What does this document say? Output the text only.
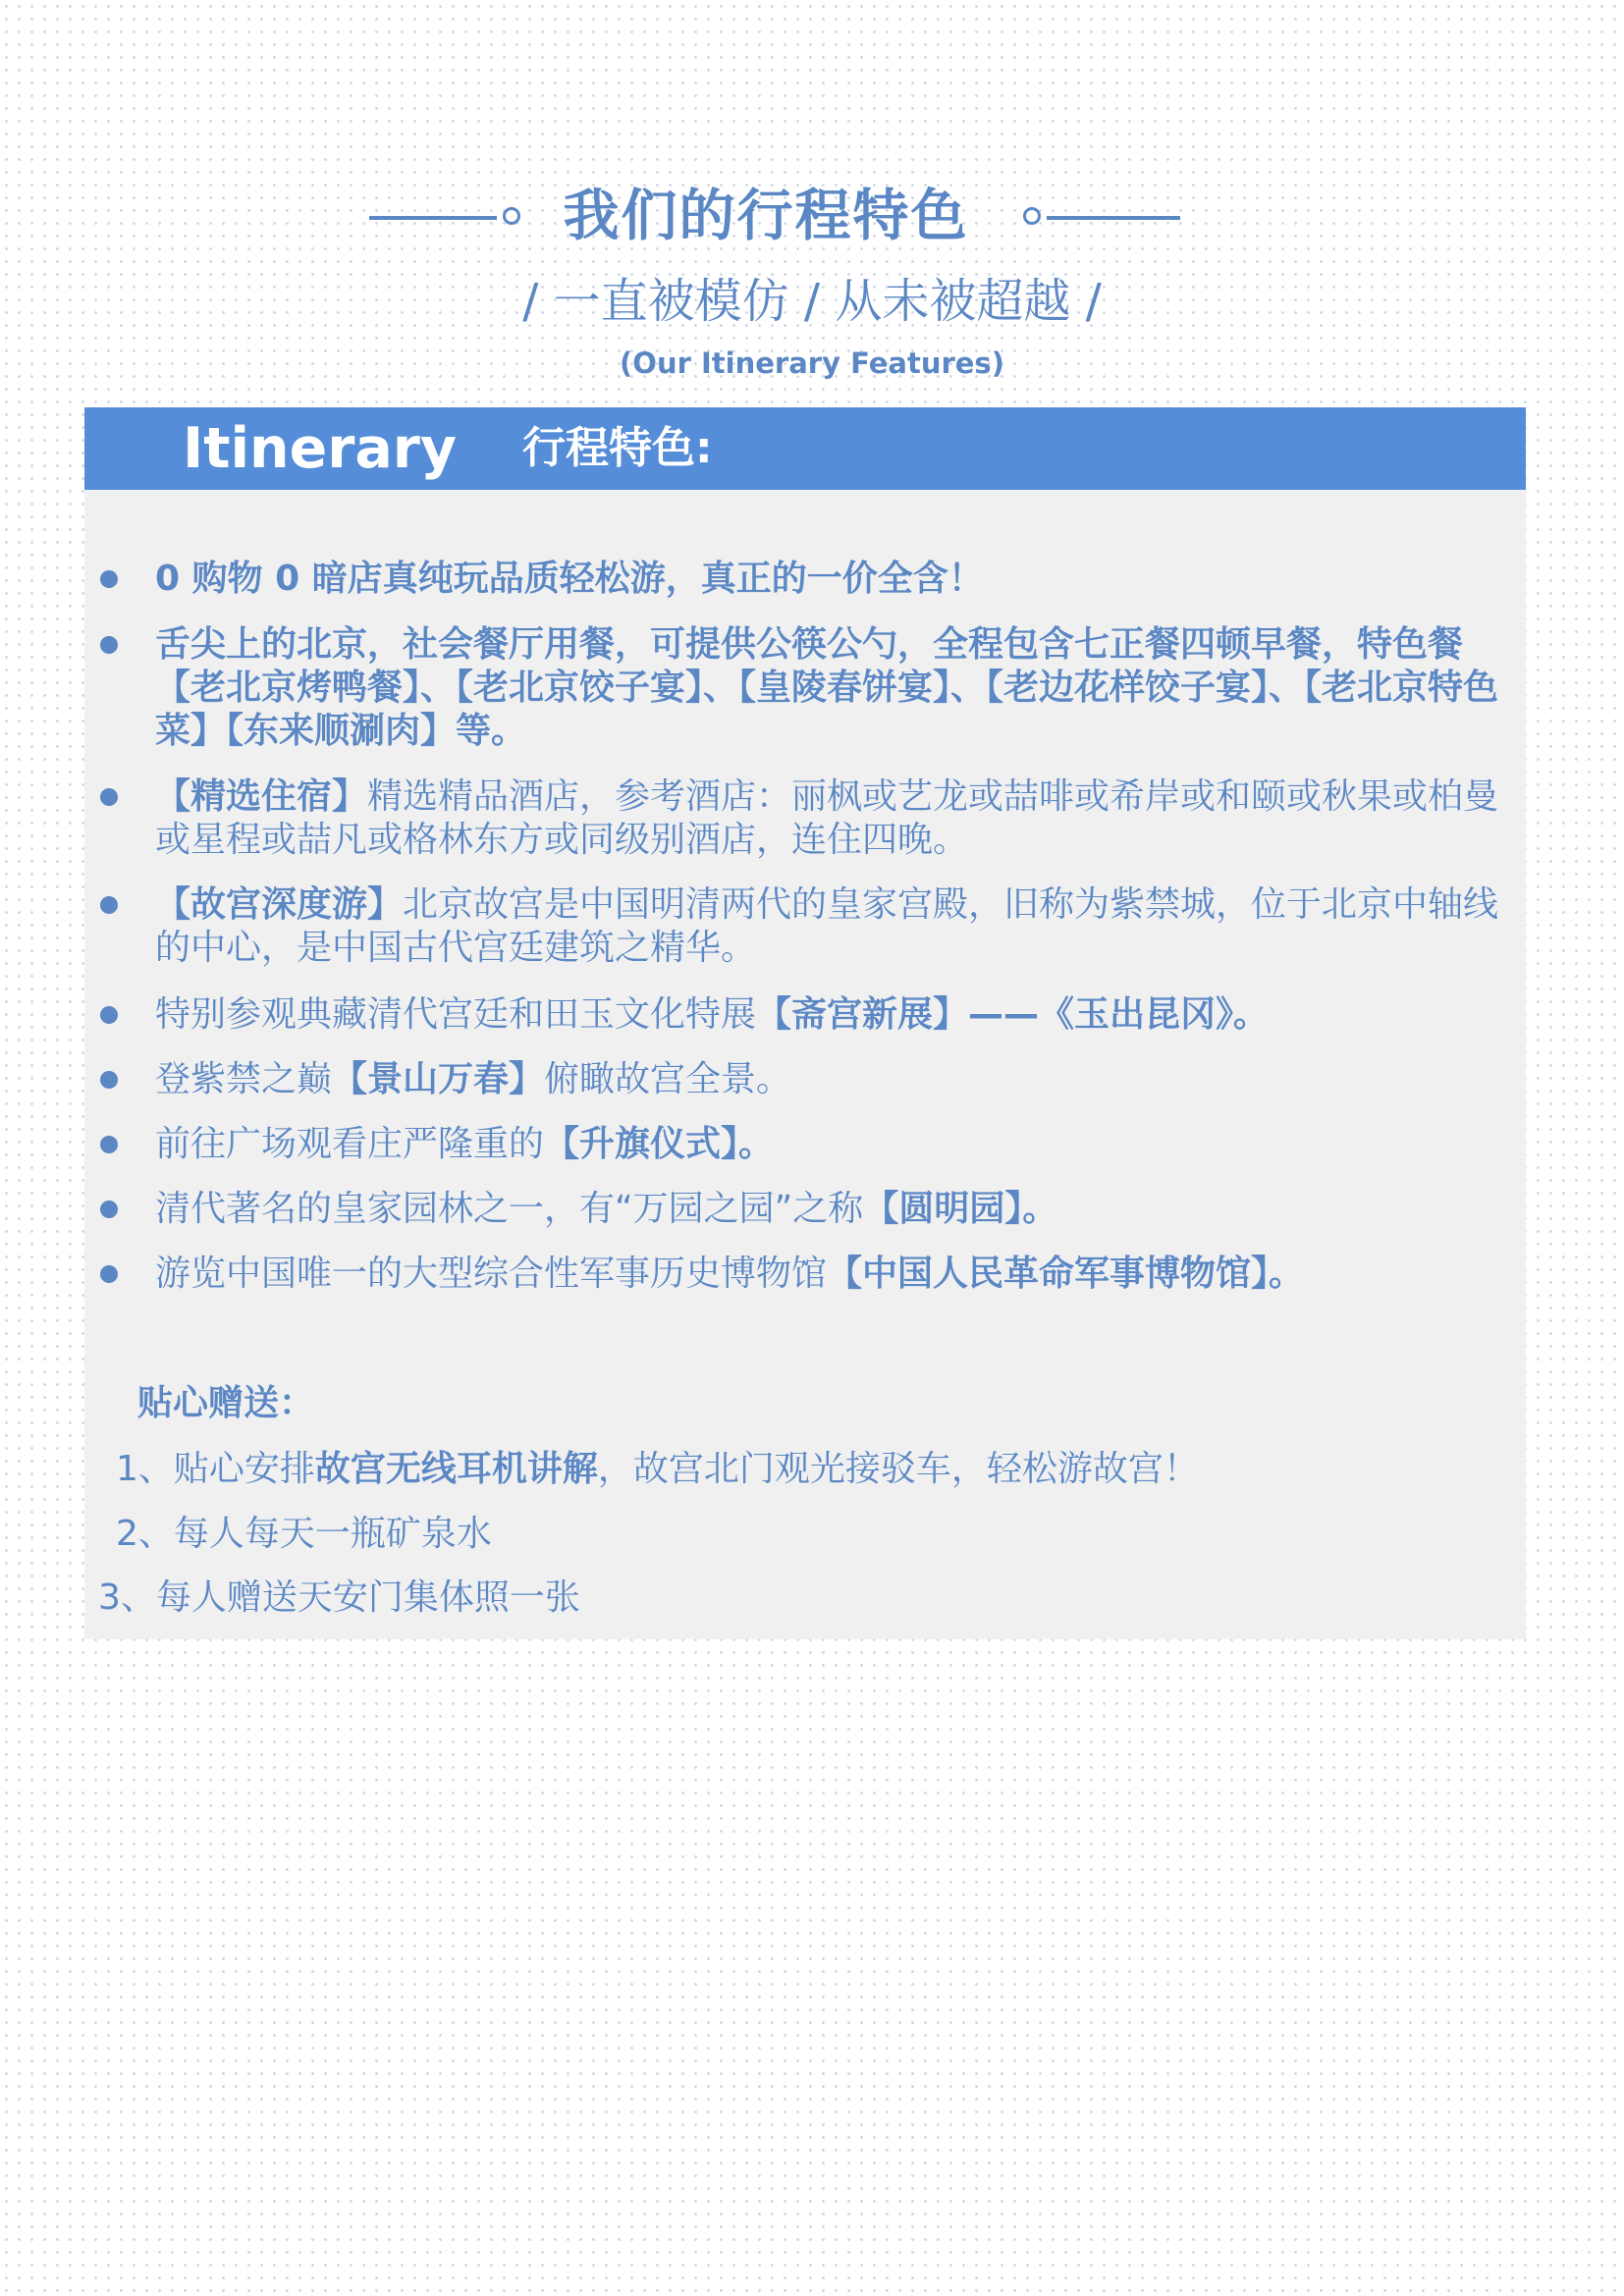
我们的行程特色
/ 一直被模仿 / 从未被超越 /
(Our Itinerary Features)
Itinerary 行程特色:
0 购物 0 暗店真纯玩品质轻松游，真正的一价全含！
舌尖上的北京，社会餐厅用餐，可提供公筷公勺，全程包含七正餐四顿早餐，特色餐【老北京烤鸭餐】、【老北京饺子宴】、【皇陵春饼宴】、【老边花样饺子宴】、【老北京特色菜】【东来顺涮肉】等。
【精选住宿】精选精品酒店，参考酒店：丽枫或艺龙或喆啡或希岸或和颐或秋果或柏曼或星程或喆凡或格林东方或同级别酒店，连住四晚。
【故宫深度游】北京故宫是中国明清两代的皇家宫殿，旧称为紫禁城，位于北京中轴线的中心，是中国古代宫廷建筑之精华。
特别参观典藏清代宫廷和田玉文化特展【斋宫新展】——《玉出昆冈》。
登紫禁之巅【景山万春】俯瞰故宫全景。
前往广场观看庄严隆重的【升旗仪式】。
清代著名的皇家园林之一，有“万园之园”之称【圆明园】。
游览中国唯一的大型综合性军事历史博物馆【中国人民革命军事博物馆】。
贴心赠送：
1、贴心安排故宫无线耳机讲解，故宫北门观光接驳车，轻松游故宫！
2、每人每天一瓶矿泉水
3、每人赠送天安门集体照一张
